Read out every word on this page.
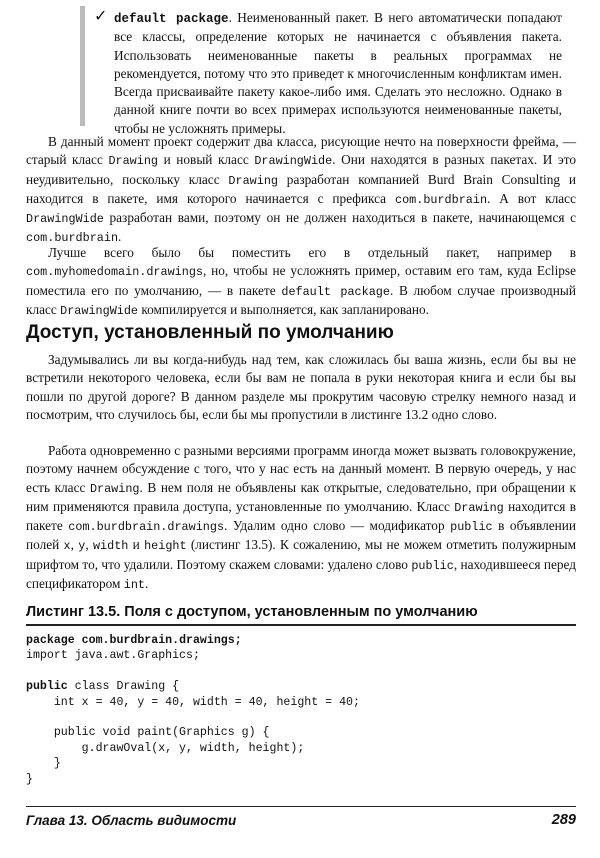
✓ default package. Неименованный пакет. В него автоматически попадают все классы, определение которых не начинается с объявления пакета. Использовать неименованные пакеты в реальных программах не рекомендуется, потому что это приведет к многочисленным конфликтам имен. Всегда присваивайте пакету какое-либо имя. Сделать это несложно. Однако в данной книге почти во всех примерах используются неименованные пакеты, чтобы не усложнять примеры.

В данный момент проект содержит два класса, рисующие нечто на поверхности фрейма, — старый класс Drawing и новый класс DrawingWide. Они находятся в разных пакетах. И это неудивительно, поскольку класс Drawing разработан компанией Burd Brain Consulting и находится в пакете, имя которого начинается с префикса com.burdbrain. А вот класс DrawingWide разработан вами, поэтому он не должен находиться в пакете, начинающемся с com.burdbrain.

Лучше всего было бы поместить его в отдельный пакет, например в com.myhomedomain.drawings, но, чтобы не усложнять пример, оставим его там, куда Eclipse поместила его по умолчанию, — в пакете default package. В любом случае производный класс DrawingWide компилируется и выполняется, как запланировано.

Доступ, установленный по умолчанию

Задумывались ли вы когда-нибудь над тем, как сложилась бы ваша жизнь, если бы вы не встретили некоторого человека, если бы вам не попала в руки некоторая книга и если бы вы пошли по другой дороге? В данном разделе мы прокрутим часовую стрелку немного назад и посмотрим, что случилось бы, если бы мы пропустили в листинге 13.2 одно слово.

Работа одновременно с разными версиями программ иногда может вызвать головокружение, поэтому начнем обсуждение с того, что у нас есть на данный момент. В первую очередь, у нас есть класс Drawing. В нем поля не объявлены как открытые, следовательно, при обращении к ним применяются правила доступа, установленные по умолчанию. Класс Drawing находится в пакете com.burdbrain.drawings. Удалим одно слово — модификатор public в объявлении полей x, y, width и height (листинг 13.5). К сожалению, мы не можем отметить полужирным шрифтом то, что удалили. Поэтому скажем словами: удалено слово public, находившееся перед спецификатором int.

Листинг 13.5. Поля с доступом, установленным по умолчанию
package com.burdbrain.drawings;
import java.awt.Graphics;

public class Drawing {
int x = 40, y = 40, width = 40, height = 40;

public void paint(Graphics g) {
g.drawOval(x, y, width, height);
}
}
Глава 13. Область видимости	289
